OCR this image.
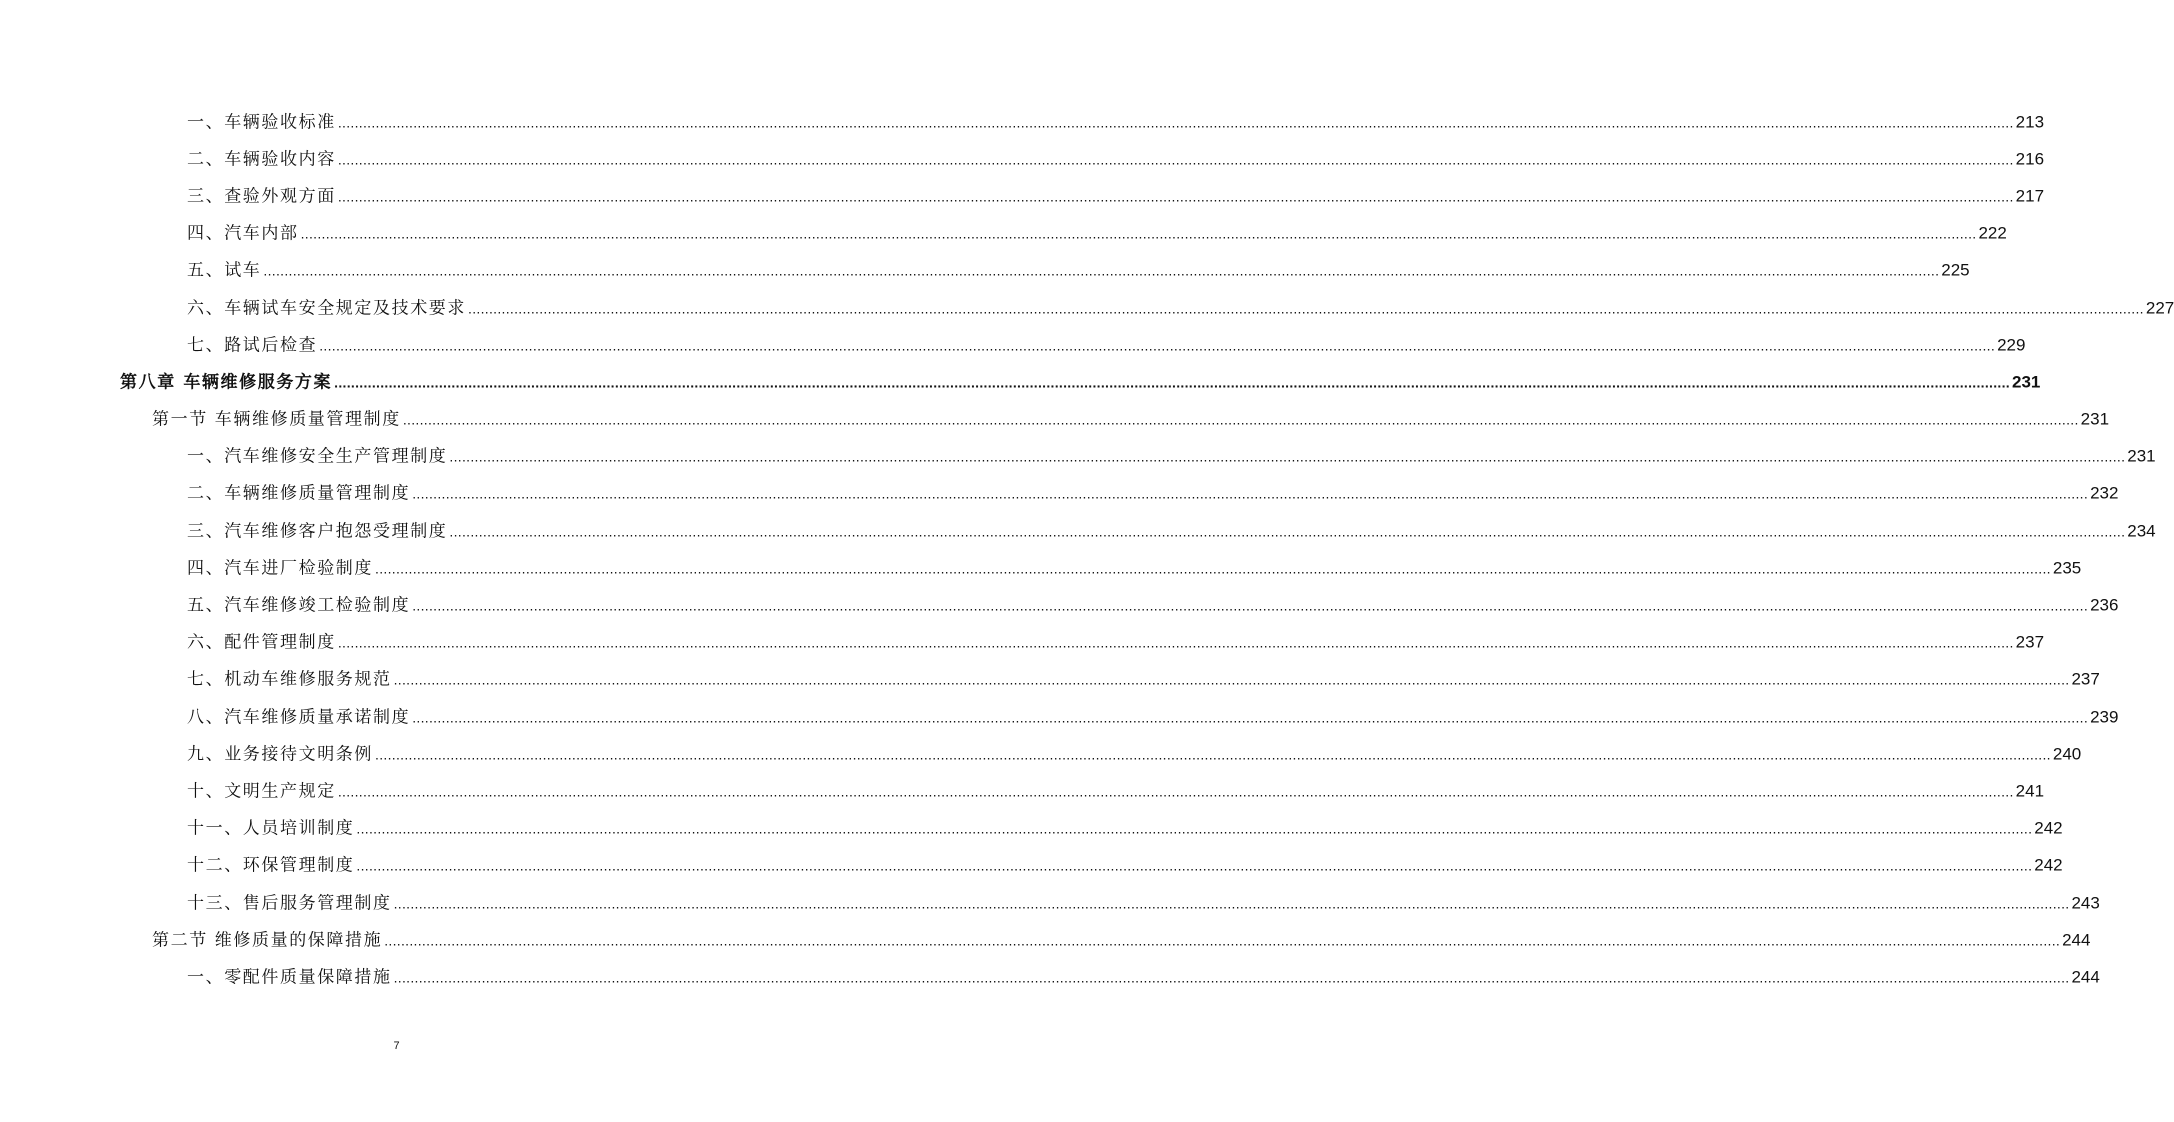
一、车辆验收标准 ................................................................................................................................................................................................................................................................................................................................................................................................................ 213
二、车辆验收内容 ................................................................................................................................................................................................................................................................................................................................................................................................................ 216
三、查验外观方面 ................................................................................................................................................................................................................................................................................................................................................................................................................ 217
四、汽车内部 ................................................................................................................................................................................................................................................................................................................................................................................................................ 222
五、试车 ................................................................................................................................................................................................................................................................................................................................................................................................................ 225
六、车辆试车安全规定及技术要求 ................................................................................................................................................................................................................................................................................................................................................................................................................ 227
七、路试后检查 ................................................................................................................................................................................................................................................................................................................................................................................................................ 229
第八章 车辆维修服务方案 ................................................................................................................................................................................................................................................................................................................................................................................................................ 231
第一节 车辆维修质量管理制度 ................................................................................................................................................................................................................................................................................................................................................................................................................ 231
一、汽车维修安全生产管理制度 ................................................................................................................................................................................................................................................................................................................................................................................................................ 231
二、车辆维修质量管理制度 ................................................................................................................................................................................................................................................................................................................................................................................................................ 232
三、汽车维修客户抱怨受理制度 ................................................................................................................................................................................................................................................................................................................................................................................................................ 234
四、汽车进厂检验制度 ................................................................................................................................................................................................................................................................................................................................................................................................................ 235
五、汽车维修竣工检验制度 ................................................................................................................................................................................................................................................................................................................................................................................................................ 236
六、配件管理制度 ................................................................................................................................................................................................................................................................................................................................................................................................................ 237
七、机动车维修服务规范 ................................................................................................................................................................................................................................................................................................................................................................................................................ 237
八、汽车维修质量承诺制度 ................................................................................................................................................................................................................................................................................................................................................................................................................ 239
九、业务接待文明条例 ................................................................................................................................................................................................................................................................................................................................................................................................................ 240
十、文明生产规定 ................................................................................................................................................................................................................................................................................................................................................................................................................ 241
十一、人员培训制度 ................................................................................................................................................................................................................................................................................................................................................................................................................ 242
十二、环保管理制度 ................................................................................................................................................................................................................................................................................................................................................................................................................ 242
十三、售后服务管理制度 ................................................................................................................................................................................................................................................................................................................................................................................................................ 243
第二节 维修质量的保障措施 ................................................................................................................................................................................................................................................................................................................................................................................................................ 244
一、零配件质量保障措施 ................................................................................................................................................................................................................................................................................................................................................................................................................ 244
7
